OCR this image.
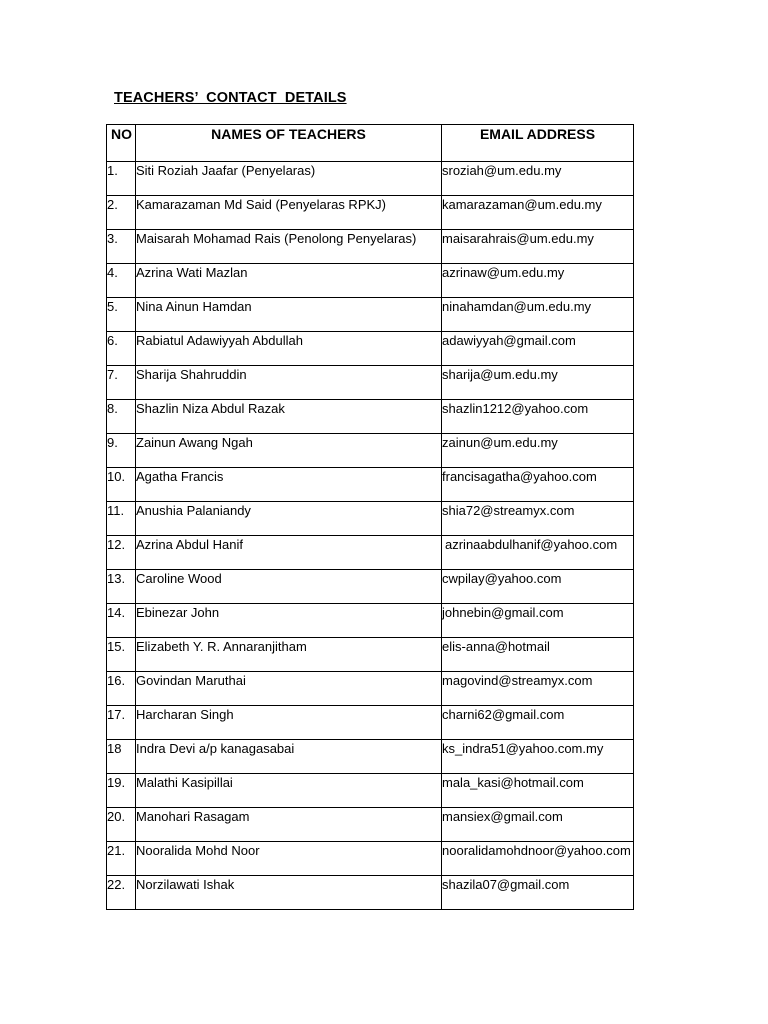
TEACHERS’  CONTACT  DETAILS
NO	NAMES OF TEACHERS	EMAIL ADDRESS
1.	Siti Roziah Jaafar (Penyelaras)	sroziah@um.edu.my
2.	Kamarazaman Md Said (Penyelaras RPKJ)	kamarazaman@um.edu.my
3.	Maisarah Mohamad Rais (Penolong Penyelaras)	maisarahrais@um.edu.my
4.	Azrina Wati Mazlan	azrinaw@um.edu.my
5.	Nina Ainun Hamdan	ninahamdan@um.edu.my
6.	Rabiatul Adawiyyah Abdullah	adawiyyah@gmail.com
7.	Sharija Shahruddin	sharija@um.edu.my
8.	Shazlin Niza Abdul Razak	shazlin1212@yahoo.com
9.	Zainun Awang Ngah	zainun@um.edu.my
10.	Agatha Francis	francisagatha@yahoo.com
11.	Anushia Palaniandy	shia72@streamyx.com
12.	Azrina Abdul Hanif	azrinaabdulhanif@yahoo.com
13.	Caroline Wood	cwpilay@yahoo.com
14.	Ebinezar John	johnebin@gmail.com
15.	Elizabeth Y. R. Annaranjitham	elis-anna@hotmail
16.	Govindan Maruthai	magovind@streamyx.com
17.	Harcharan Singh	charni62@gmail.com
18	Indra Devi a/p kanagasabai	ks_indra51@yahoo.com.my
19.	Malathi Kasipillai	mala_kasi@hotmail.com
20.	Manohari Rasagam	mansiex@gmail.com
21.	Nooralida Mohd Noor	nooralidamohdnoor@yahoo.com
22.	Norzilawati Ishak	shazila07@gmail.com
